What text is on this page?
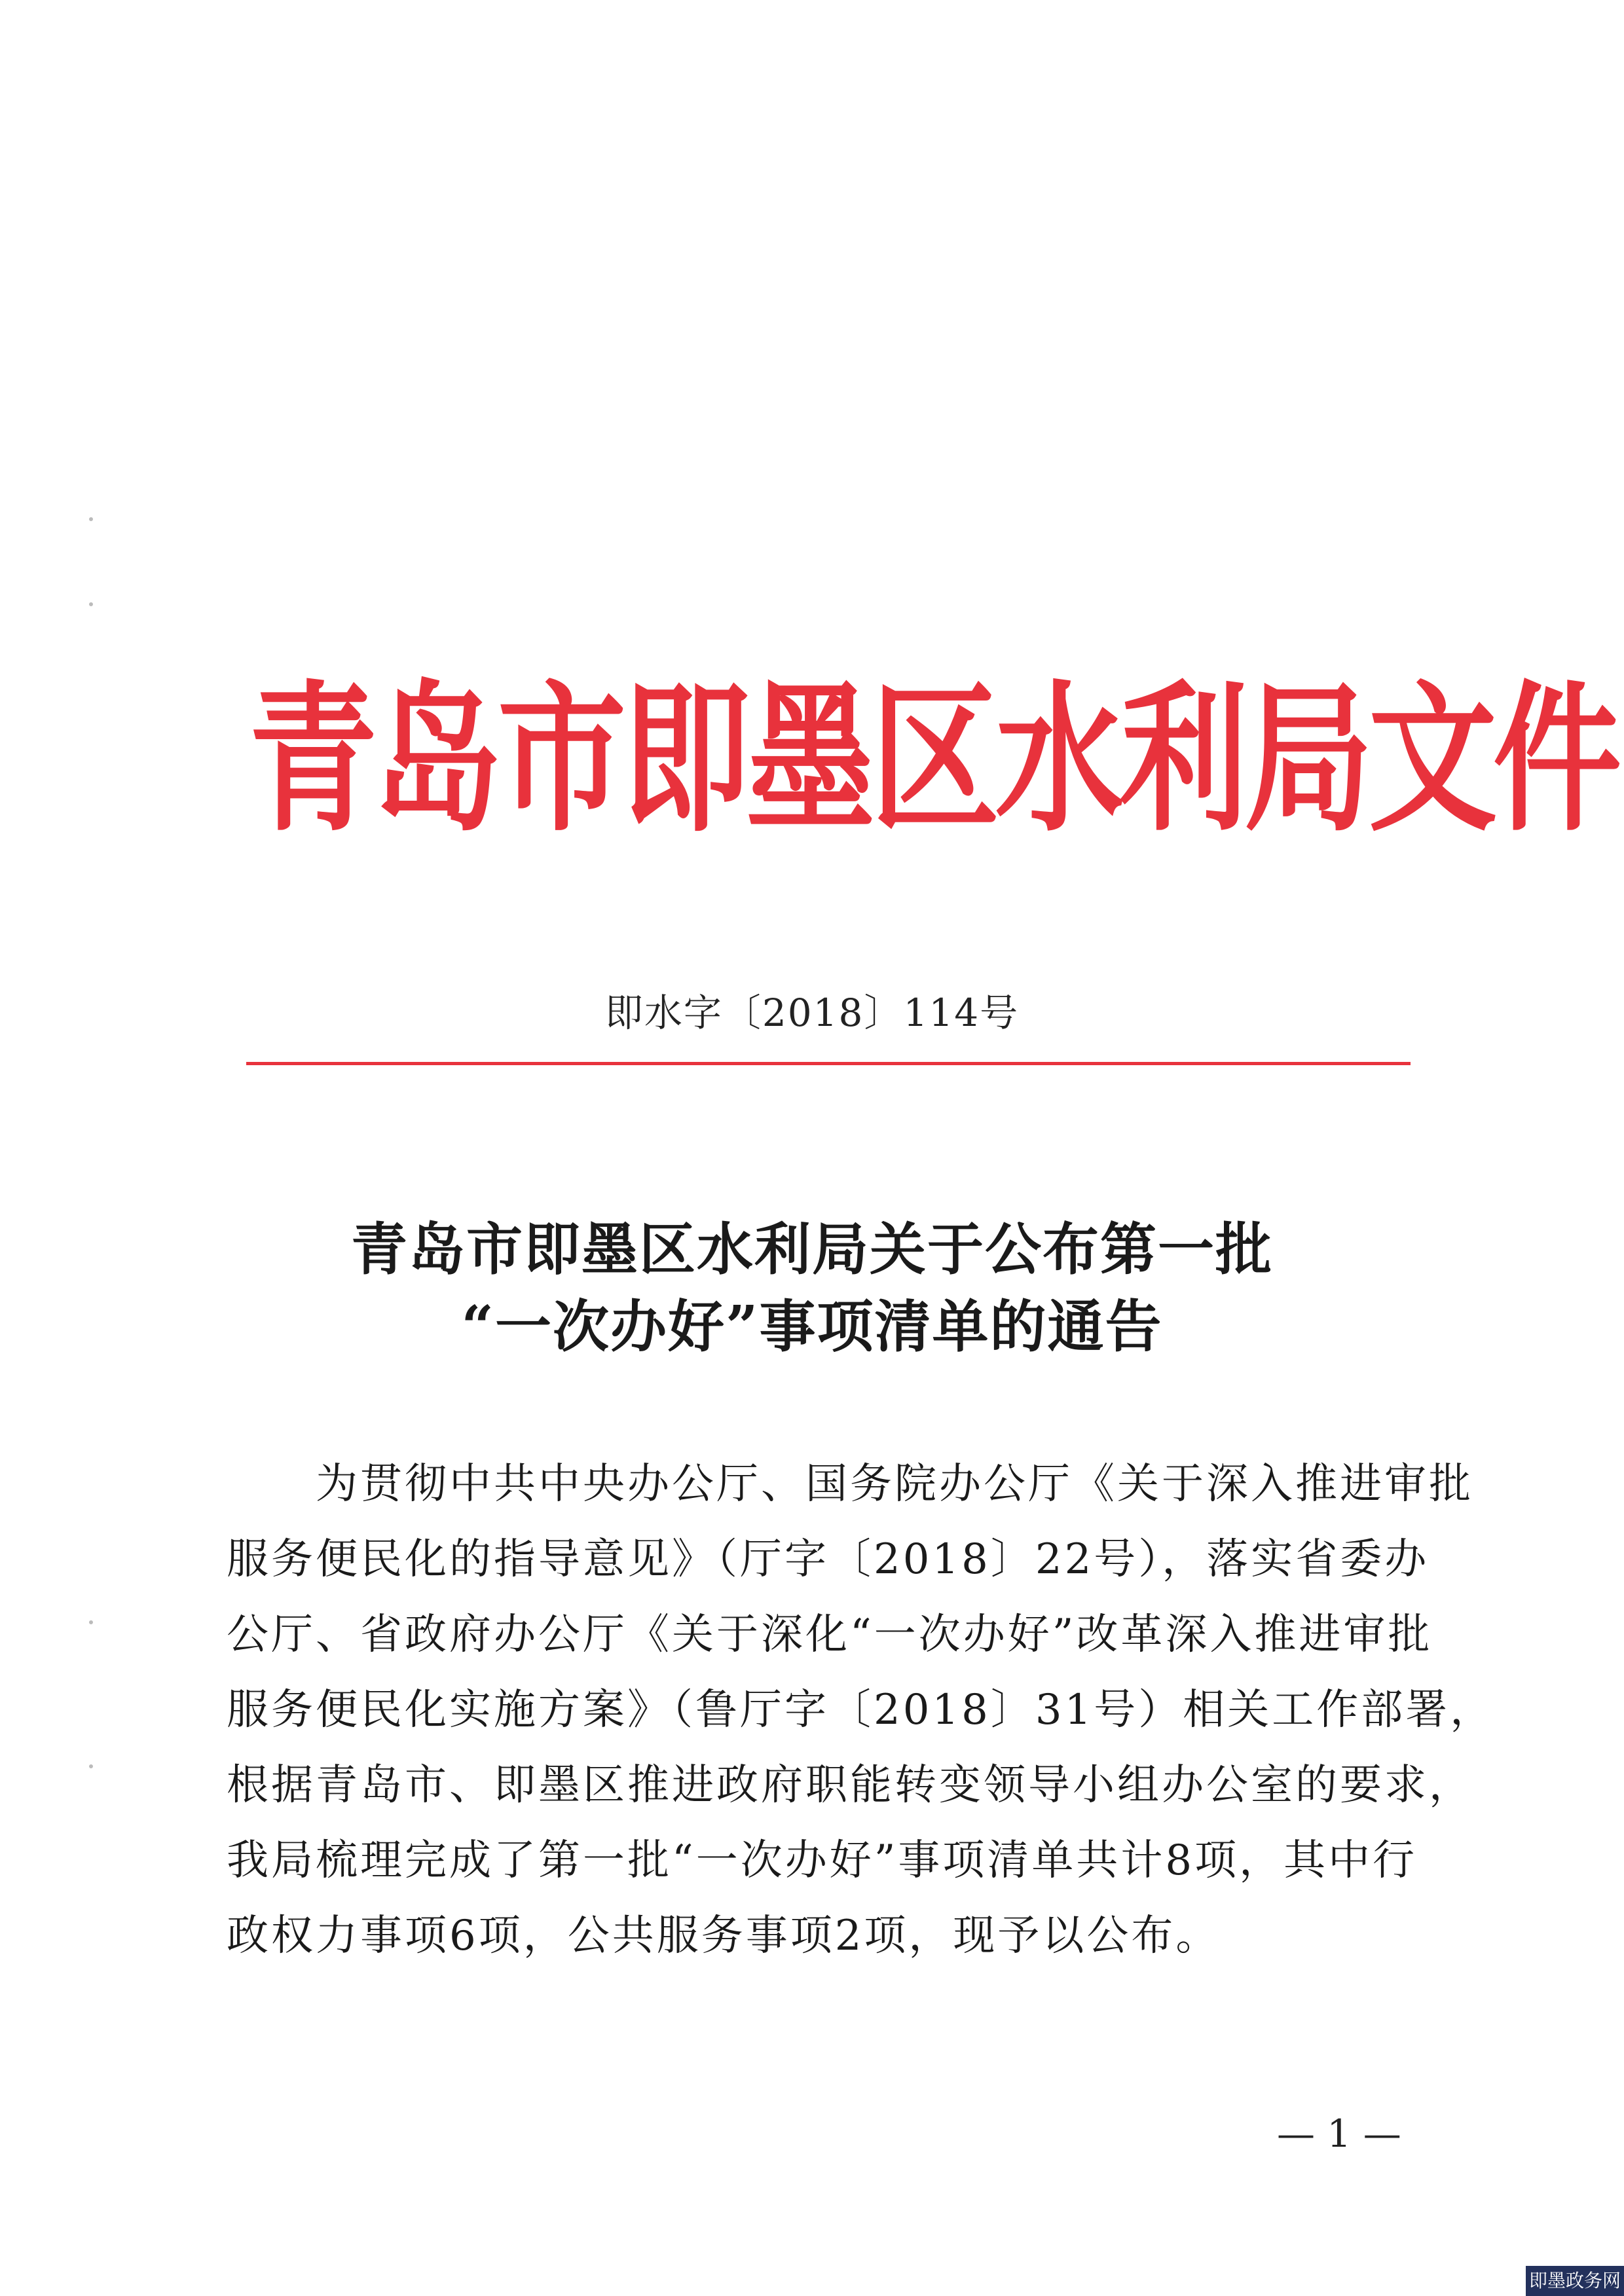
青岛市即墨区水利局文件
即水字〔2018〕114号
青岛市即墨区水利局关于公布第一批
“一次办好”事项清单的通告
　　为贯彻中共中央办公厅、国务院办公厅《关于深入推进审批
服务便民化的指导意见》（厅字〔2018〕22号），落实省委办
公厅、省政府办公厅《关于深化“一次办好”改革深入推进审批
服务便民化实施方案》（鲁厅字〔2018〕31号）相关工作部署，
根据青岛市、即墨区推进政府职能转变领导小组办公室的要求，
我局梳理完成了第一批“一次办好”事项清单共计8项，其中行
政权力事项6项，公共服务事项2项，现予以公布。
— 1 —
即墨政务网
